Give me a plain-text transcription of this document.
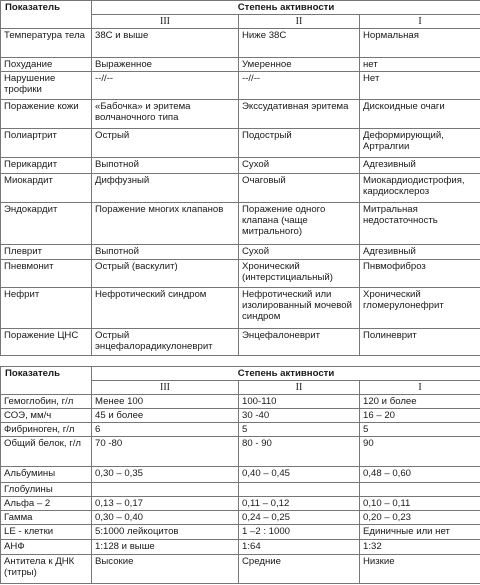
Показатель	Степень активности		
	III	II	I
Температура тела	38С и выше	Ниже 38С	Нормальная
Похудание	Выраженное	Умеренное	нет
Нарушение трофики	--//--	--//--	Нет
Поражение кожи	«Бабочка» и эритема волчаночного типа	Экссудативная эритема	Дискоидные очаги
Полиартрит	Острый	Подострый	Деформирующий, Артралгии
Перикардит	Выпотной	Сухой	Адгезивный
Миокардит	Диффузный	Очаговый	Миокардиодистрофия, кардиосклероз
Эндокардит	Поражение многих клапанов	Поражение одного клапана (чаще митрального)	Митральная недостаточность
Плеврит	Выпотной	Сухой	Адгезивный
Пневмонит	Острый (васкулит)	Хронический (интерстициальный)	Пнвмофиброз
Нефрит	Нефротический синдром	Нефротический или изолированный мочевой синдром	Хронический гломерулонефрит
Поражение ЦНС	Острый энцефалорадикулоневрит	Энцефалоневрит	Полиневрит
Показатель	Степень активности		
	III	II	I
Гемоглобин, г/л	Менее 100	100-110	120 и более
СОЭ, мм/ч	45 и более	30 -40	16 – 20
Фибриноген, г/л	6	5	5
Общий белок, г/л	70 -80	80 - 90	90
Альбумины	0,30 – 0,35	0,40 – 0,45	0,48 – 0,60
Глобулины			
Альфа – 2	0,13 – 0,17	0,11 – 0,12	0,10 – 0,11
Гамма	0,30 – 0,40	0,24 – 0,25	0,20 – 0,23
LE - клетки	5:1000 лейкоцитов	1 –2 : 1000	Единичные или нет
АНФ	1:128 и выше	1:64	1:32
Антитела к ДНК (титры)	Высокие	Средние	Низкие
